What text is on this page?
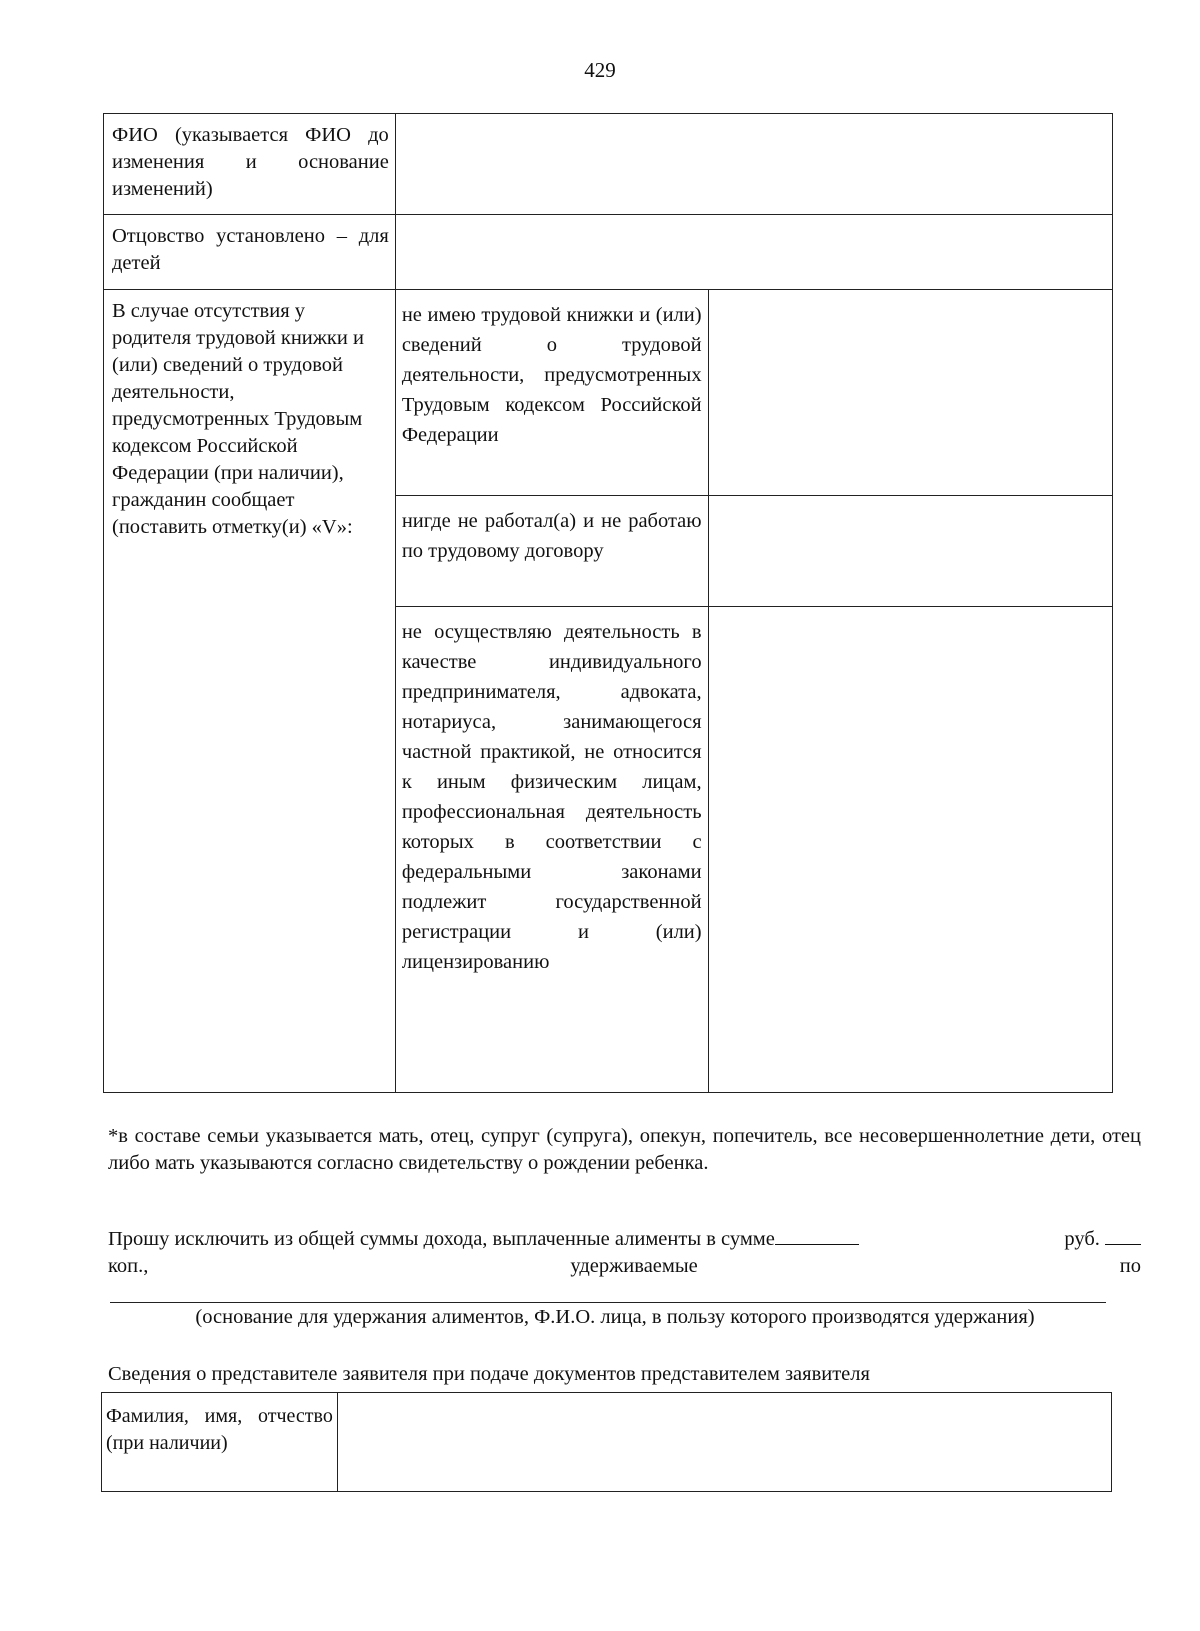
429
ФИО (указывается ФИО до изменения и основание изменений)		

Отцовство установлено – для детей		

В случае отсутствия у родителя трудовой книжки и (или) сведений о трудовой деятельности, предусмотренных Трудовым кодексом Российской Федерации (при наличии), гражданин сообщает (поставить отметку(и) «V»:	не имею трудовой книжки и (или) сведений о трудовой деятельности, предусмотренных Трудовым кодексом Российской Федерации	

	нигде не работал(а) и не работаю по трудовому договору	

	не осуществляю деятельность в качестве индивидуального предпринимателя, адвоката, нотариуса, занимающегося частной практикой, не относится к иным физическим лицам, профессиональная деятельность которых в соответствии с федеральными законами подлежит государственной регистрации и (или) лицензированию	

*в составе семьи указывается мать, отец, супруг (супруга), опекун, попечитель, все несовершеннолетние дети, отец либо мать указываются согласно свидетельству о рождении ребенка.
Прошу исключить из общей суммы дохода, выплаченные алименты в сумме	руб.
коп.,	удерживаемые	по
(основание для удержания алиментов, Ф.И.О. лица, в пользу которого производятся удержания)
Сведения о представителе заявителя при подаче документов представителем заявителя
Фамилия, имя, отчество (при наличии)
